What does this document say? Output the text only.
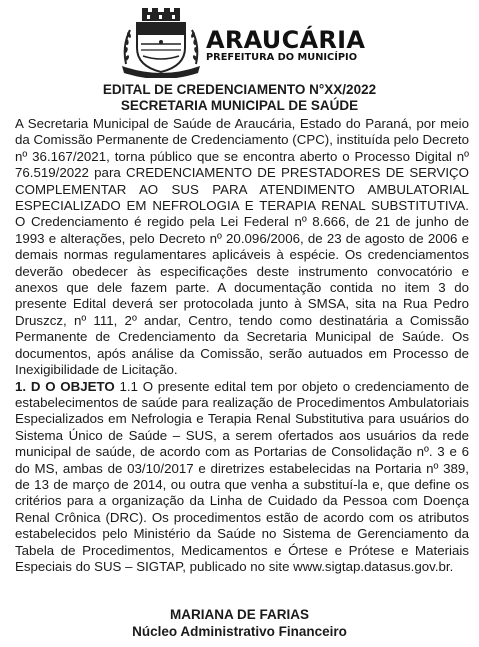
ARAUCÁRIA
PREFEITURA DO MUNICÍPIO
EDITAL DE CREDENCIAMENTO N°XX/2022
SECRETARIA MUNICIPAL DE SAÚDE

A Secretaria Municipal de Saúde de Araucária, Estado do Paraná, por meio da Comissão Permanente de Credenciamento (CPC), instituída pelo Decreto nº 36.167/2021, torna público que se encontra aberto o Processo Digital nº 76.519/2022 para CREDENCIAMENTO DE PRESTADORES DE SERVIÇO COMPLEMENTAR AO SUS PARA ATENDIMENTO AMBULATORIAL ESPECIALIZADO EM NEFROLOGIA E TERAPIA RENAL SUBSTITUTIVA. O Credenciamento é regido pela Lei Federal nº 8.666, de 21 de junho de 1993 e alterações, pelo Decreto nº 20.096/2006, de 23 de agosto de 2006 e demais normas regulamentares aplicáveis à espécie. Os credenciamentos deverão obedecer às especificações deste instrumento convocatório e anexos que dele fazem parte. A documentação contida no item 3 do presente Edital deverá ser protocolada junto à SMSA, sita na Rua Pedro Druszcz, nº 111, 2º andar, Centro, tendo como destinatária a Comissão Permanente de Credenciamento da Secretaria Municipal de Saúde. Os documentos, após análise da Comissão, serão autuados em Processo de Inexigibilidade de Licitação.

1. D O OBJETO 1.1 O presente edital tem por objeto o credenciamento de estabelecimentos de saúde para realização de Procedimentos Ambulatoriais Especializados em Nefrologia e Terapia Renal Substitutiva para usuários do Sistema Único de Saúde – SUS, a serem ofertados aos usuários da rede municipal de saúde, de acordo com as Portarias de Consolidação nº. 3 e 6 do MS, ambas de 03/10/2017 e diretrizes estabelecidas na Portaria nº 389, de 13 de março de 2014, ou outra que venha a substituí-la e, que define os critérios para a organização da Linha de Cuidado da Pessoa com Doença Renal Crônica (DRC). Os procedimentos estão de acordo com os atributos estabelecidos pelo Ministério da Saúde no Sistema de Gerenciamento da Tabela de Procedimentos, Medicamentos e Órtese e Prótese e Materiais Especiais do SUS – SIGTAP, publicado no site www.sigtap.datasus.gov.br.

MARIANA DE FARIAS
Núcleo Administrativo Financeiro
